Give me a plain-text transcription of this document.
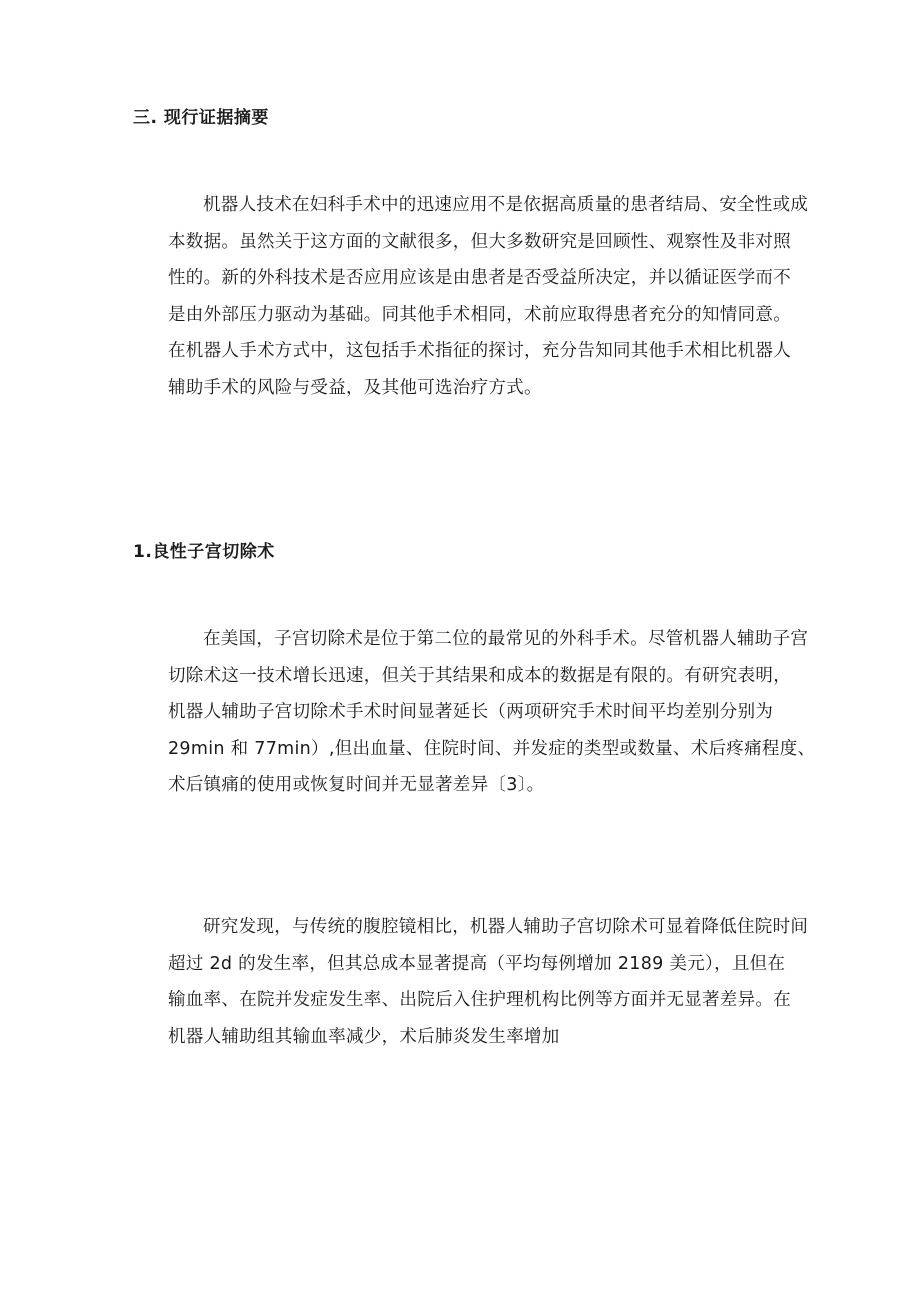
三. 现行证据摘要
机器人技术在妇科手术中的迅速应用不是依据高质量的患者结局、安全性或成
本数据。虽然关于这方面的文献很多，但大多数研究是回顾性、观察性及非对照
性的。新的外科技术是否应用应该是由患者是否受益所决定，并以循证医学而不
是由外部压力驱动为基础。同其他手术相同，术前应取得患者充分的知情同意。
在机器人手术方式中，这包括手术指征的探讨，充分告知同其他手术相比机器人
辅助手术的风险与受益，及其他可选治疗方式。
1.良性子宫切除术
在美国，子宫切除术是位于第二位的最常见的外科手术。尽管机器人辅助子宫
切除术这一技术增长迅速，但关于其结果和成本的数据是有限的。有研究表明，
机器人辅助子宫切除术手术时间显著延长（两项研究手术时间平均差别分别为
29min 和 77min）,但出血量、住院时间、并发症的类型或数量、术后疼痛程度、
术后镇痛的使用或恢复时间并无显著差异〔3〕。
研究发现，与传统的腹腔镜相比，机器人辅助子宫切除术可显着降低住院时间
超过 2d 的发生率，但其总成本显著提高（平均每例增加 2189 美元），且但在
输血率、在院并发症发生率、出院后入住护理机构比例等方面并无显著差异。在
机器人辅助组其输血率减少，术后肺炎发生率增加
